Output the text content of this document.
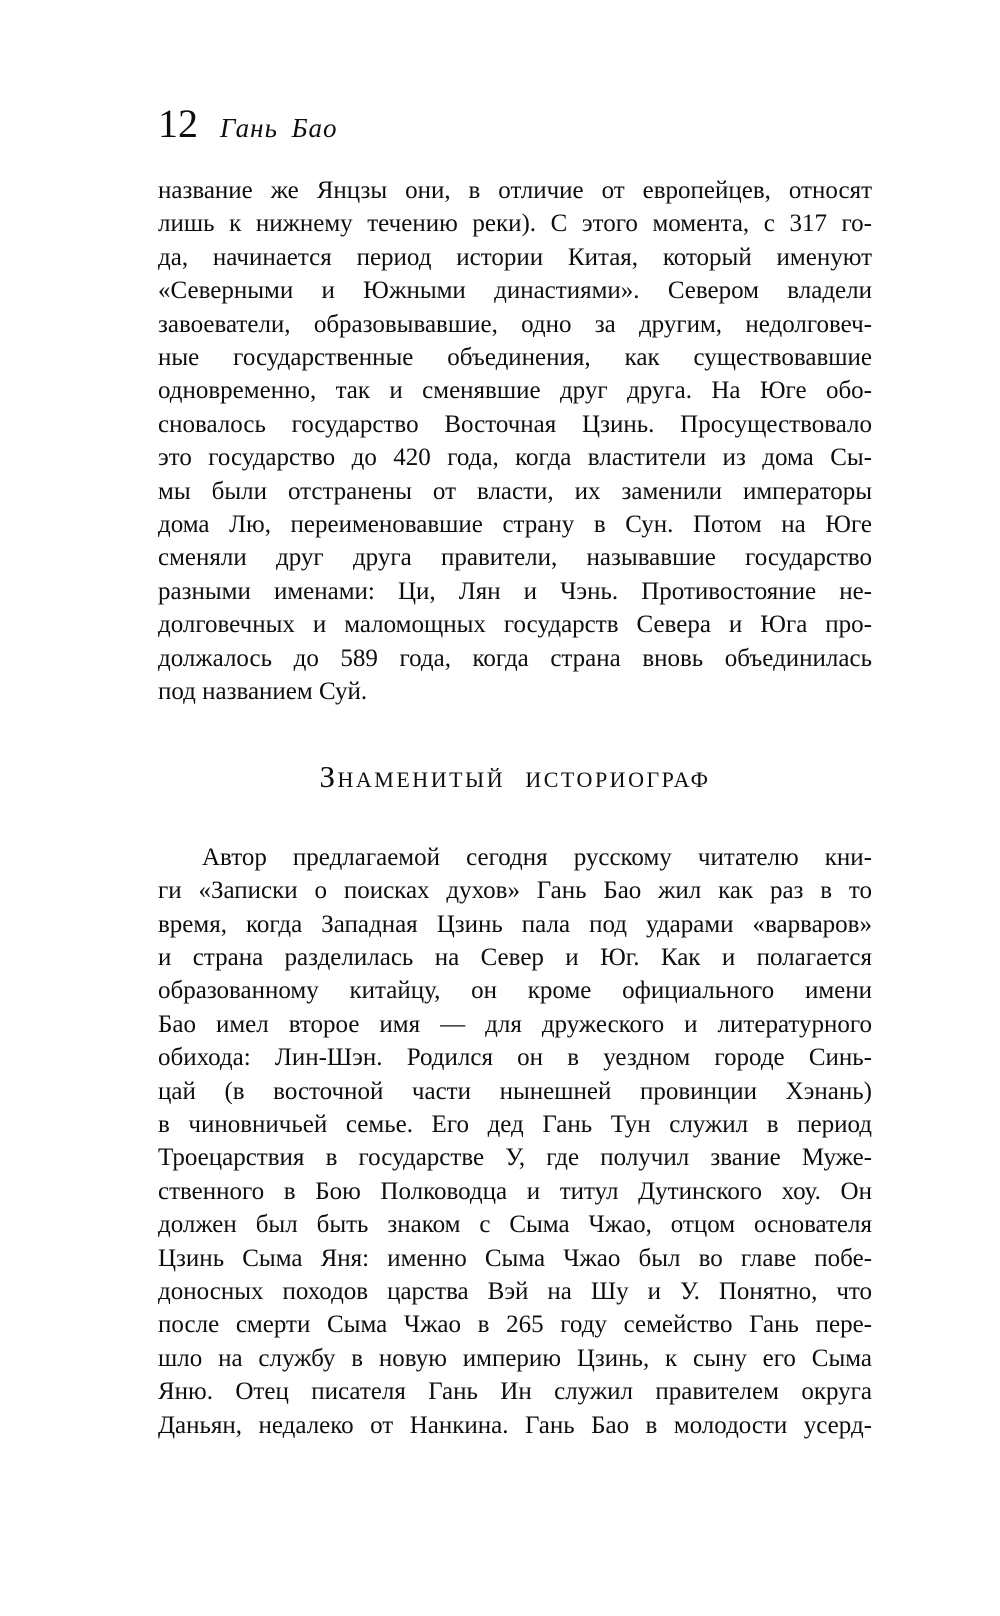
12 Гань Бао
название же Янцзы они, в отличие от европейцев, относят
лишь к нижнему течению реки). С этого момента, с 317 го-
да, начинается период истории Китая, который именуют
«Северными и Южными династиями». Севером владели
завоеватели, образовывавшие, одно за другим, недолговеч-
ные государственные объединения, как существовавшие
одновременно, так и сменявшие друг друга. На Юге обо-
сновалось государство Восточная Цзинь. Просуществовало
это государство до 420 года, когда властители из дома Сы-
мы были отстранены от власти, их заменили императоры
дома Лю, переименовавшие страну в Сун. Потом на Юге
сменяли друг друга правители, называвшие государство
разными именами: Ци, Лян и Чэнь. Противостояние не-
долговечных и маломощных государств Севера и Юга про-
должалось до 589 года, когда страна вновь объединилась
под названием Суй.
Знаменитый историограф
Автор предлагаемой сегодня русскому читателю кни-
ги «Записки о поисках духов» Гань Бао жил как раз в то
время, когда Западная Цзинь пала под ударами «варваров»
и страна разделилась на Север и Юг. Как и полагается
образованному китайцу, он кроме официального имени
Бао имел второе имя — для дружеского и литературного
обихода: Лин-Шэн. Родился он в уездном городе Синь-
цай (в восточной части нынешней провинции Хэнань)
в чиновничьей семье. Его дед Гань Тун служил в период
Троецарствия в государстве У, где получил звание Муже-
ственного в Бою Полководца и титул Дутинского хоу. Он
должен был быть знаком с Сыма Чжао, отцом основателя
Цзинь Сыма Яня: именно Сыма Чжао был во главе побе-
доносных походов царства Вэй на Шу и У. Понятно, что
после смерти Сыма Чжао в 265 году семейство Гань пере-
шло на службу в новую империю Цзинь, к сыну его Сыма
Яню. Отец писателя Гань Ин служил правителем округа
Даньян, недалеко от Нанкина. Гань Бао в молодости усерд-
